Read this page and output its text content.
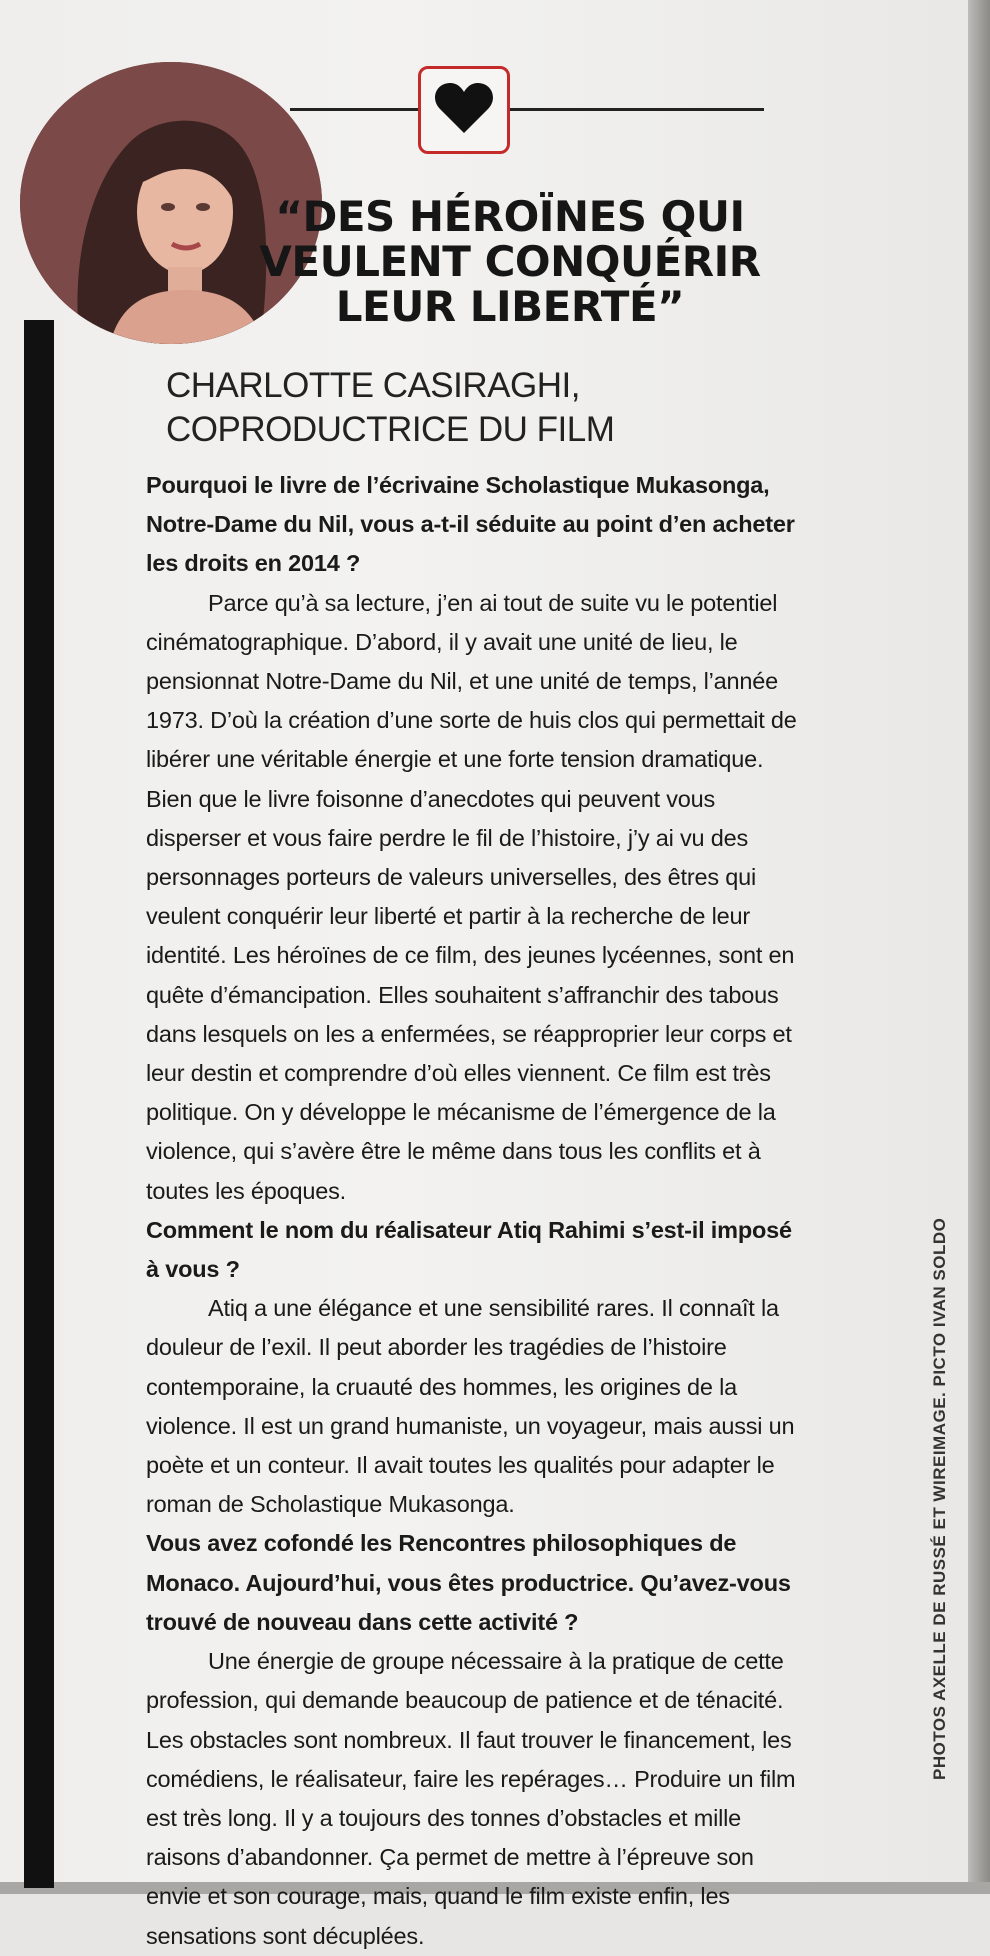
“DES HÉROÏNES QUI VEULENT CONQUÉRIR LEUR LIBERTÉ”
CHARLOTTE CASIRAGHI,
COPRODUCTRICE DU FILM

Pourquoi le livre de l’écrivaine Scholastique Mukasonga, Notre-Dame du Nil, vous a-t-il séduite au point d’en acheter les droits en 2014 ?

Parce qu’à sa lecture, j’en ai tout de suite vu le potentiel cinématographique. D’abord, il y avait une unité de lieu, le pensionnat Notre-Dame du Nil, et une unité de temps, l’année 1973. D’où la création d’une sorte de huis clos qui permettait de libérer une véritable énergie et une forte tension dramatique. Bien que le livre foisonne d’anecdotes qui peuvent vous disperser et vous faire perdre le fil de l’histoire, j’y ai vu des personnages porteurs de valeurs universelles, des êtres qui veulent conquérir leur liberté et partir à la recherche de leur identité. Les héroïnes de ce film, des jeunes lycéennes, sont en quête d’émancipation. Elles souhaitent s’affranchir des tabous dans lesquels on les a enfermées, se réapproprier leur corps et leur destin et comprendre d’où elles viennent. Ce film est très politique. On y développe le mécanisme de l’émergence de la violence, qui s’avère être le même dans tous les conflits et à toutes les époques.

Comment le nom du réalisateur Atiq Rahimi s’est-il imposé à vous ?

Atiq a une élégance et une sensibilité rares. Il connaît la douleur de l’exil. Il peut aborder les tragédies de l’histoire contemporaine, la cruauté des hommes, les origines de la violence. Il est un grand humaniste, un voyageur, mais aussi un poète et un conteur. Il avait toutes les qualités pour adapter le roman de Scholastique Mukasonga.

Vous avez cofondé les Rencontres philosophiques de Monaco. Aujourd’hui, vous êtes productrice. Qu’avez-vous trouvé de nouveau dans cette activité ?

Une énergie de groupe nécessaire à la pratique de cette profession, qui demande beaucoup de patience et de ténacité. Les obstacles sont nombreux. Il faut trouver le financement, les comédiens, le réalisateur, faire les repérages… Produire un film est très long. Il y a toujours des tonnes d’obstacles et mille raisons d’abandonner. Ça permet de mettre à l’épreuve son envie et son courage, mais, quand le film existe enfin, les sensations sont décuplées.

PHOTOS AXELLE DE RUSSÉ ET WIREIMAGE. PICTO IVAN SOLDO
